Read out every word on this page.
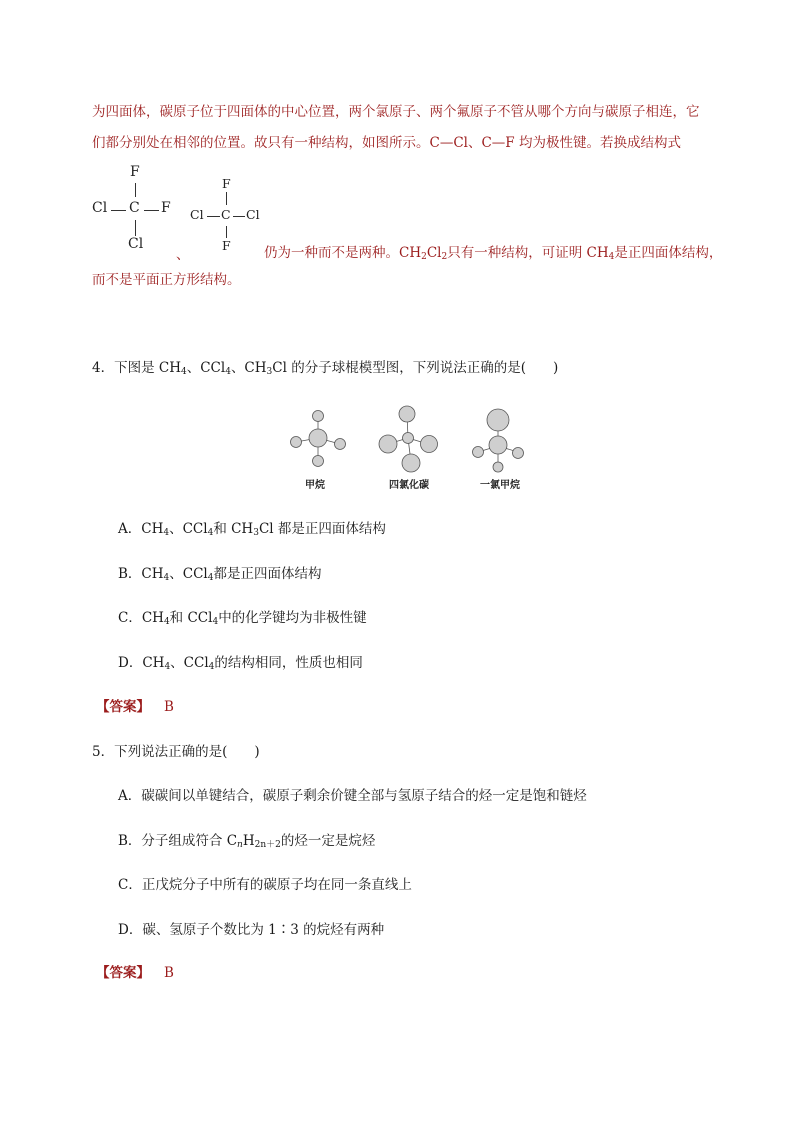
为四面体，碳原子位于四面体的中心位置，两个氯原子、两个氟原子不管从哪个方向与碳原子相连，它
们都分别处在相邻的位置。故只有一种结构，如图所示。C—Cl、C—F 均为极性键。若换成结构式
F
Cl C F
Cl
、
F
Cl C Cl
F 仍为一种而不是两种。$CH_2Cl_2$只有一种结构，可证明 $CH_4$是正四面体结构，
而不是平面正方形结构。
4．下图是 $CH_4$、CCl$_4$、$CH_3Cl$ 的分子球棍模型图，下列说法正确的是(　　)
甲烷	四氯化碳	一氯甲烷
A．$CH_4$、CCl$_4$和 $CH_3Cl$ 都是正四面体结构
B．$CH_4$、CCl$_4$都是正四面体结构
C．$CH_4$和 CCl$_4$中的化学键均为非极性键
D．$CH_4$、CCl$_4$的结构相同，性质也相同
【答案】 B
5．下列说法正确的是(　　)
A．碳碳间以单键结合，碳原子剩余价键全部与氢原子结合的烃一定是饱和链烃
B．分子组成符合 $C_nH_{2n+2}$的烃一定是烷烃
C．正戊烷分子中所有的碳原子均在同一条直线上
D．碳、氢原子个数比为 1∶3 的烷烃有两种
【答案】 B
